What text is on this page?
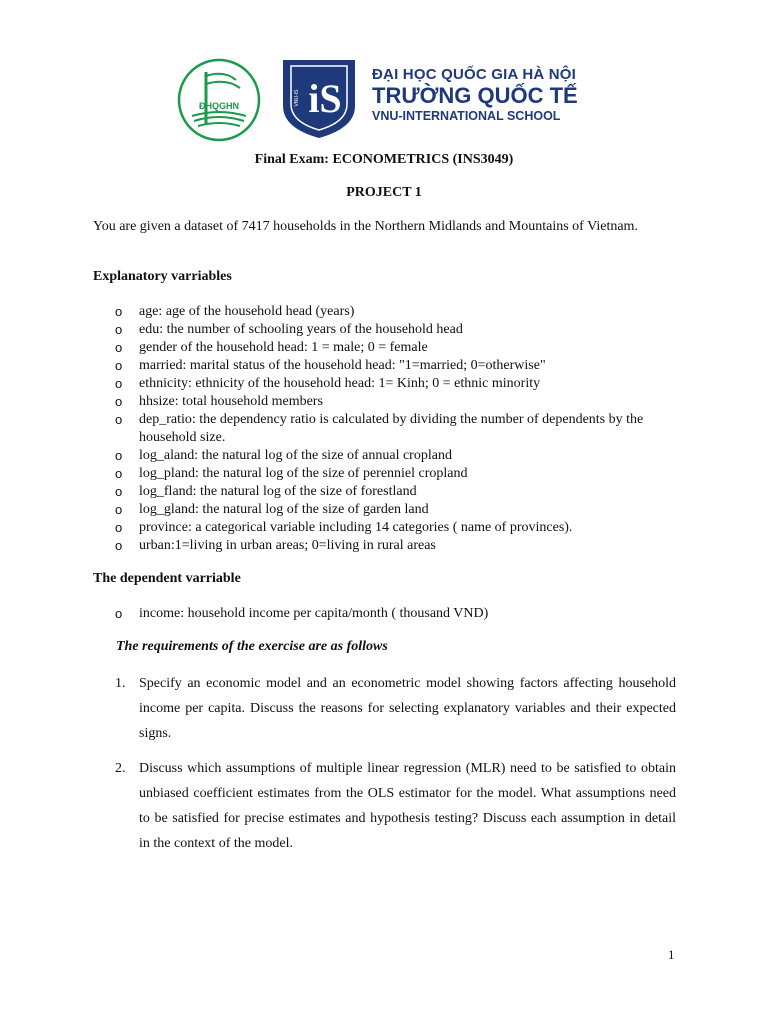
ĐHQGHN iS
VNU-IS
ĐẠI HỌC QUỐC GIA HÀ NỘI
TRƯỜNG QUỐC TẾ
VNU-INTERNATIONAL SCHOOL
Final Exam: ECONOMETRICS (INS3049)
PROJECT 1
You are given a dataset of 7417 households in the Northern Midlands and Mountains of Vietnam.
Explanatory varriables
o age: age of the household head (years)
o edu: the number of schooling years of the household head
o gender of the household head: 1 = male; 0 = female
o married: marital status of the household head: "1=married; 0=otherwise"
o ethnicity: ethnicity of the household head: 1= Kinh; 0 = ethnic minority
o hhsize: total household members
o dep_ratio: the dependency ratio is calculated by dividing the number of dependents by the household size.
o log_aland: the natural log of the size of annual cropland
o log_pland: the natural log of the size of perenniel cropland
o log_fland: the natural log of the size of forestland
o log_gland: the natural log of the size of garden land
o province: a categorical variable including 14 categories ( name of provinces).
o urban:1=living in urban areas; 0=living in rural areas
The dependent varriable
o income: household income per capita/month ( thousand VND)
The requirements of the exercise are as follows
1. Specify an economic model and an econometric model showing factors affecting household income per capita. Discuss the reasons for selecting explanatory variables and their expected signs.
2. Discuss which assumptions of multiple linear regression (MLR) need to be satisfied to obtain unbiased coefficient estimates from the OLS estimator for the model. What assumptions need to be satisfied for precise estimates and hypothesis testing? Discuss each assumption in detail in the context of the model.
1
